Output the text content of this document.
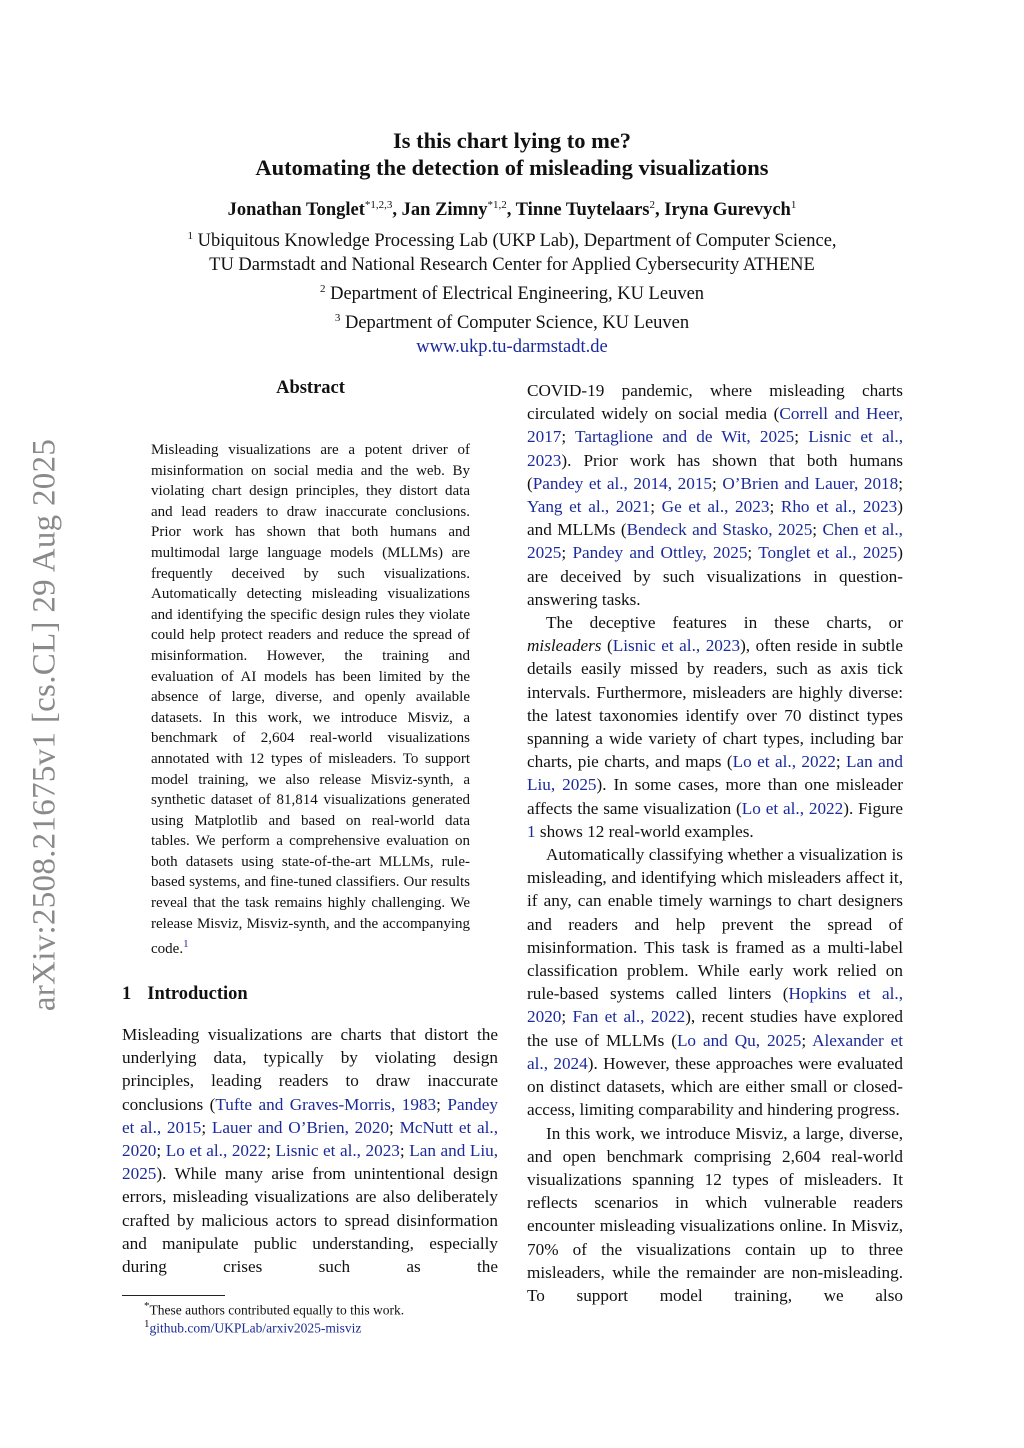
arXiv:2508.21675v1 [cs.CL] 29 Aug 2025
Is this chart lying to me?
Automating the detection of misleading visualizations
Jonathan Tonglet$^{*1,2,3}$, Jan Zimny$^{*1,2}$, Tinne Tuytelaars$^2$, Iryna Gurevych$^1$
$^1$ Ubiquitous Knowledge Processing Lab (UKP Lab), Department of Computer Science,
TU Darmstadt and National Research Center for Applied Cybersecurity ATHENE
$^2$ Department of Electrical Engineering, KU Leuven
$^3$ Department of Computer Science, KU Leuven
www.ukp.tu-darmstadt.de
Abstract

Misleading visualizations are a potent driver of misinformation on social media and the web. By violating chart design principles, they distort data and lead readers to draw inaccurate conclusions. Prior work has shown that both humans and multimodal large language models (MLLMs) are frequently deceived by such visualizations. Automatically detecting misleading visualizations and identifying the specific design rules they violate could help protect readers and reduce the spread of misinformation. However, the training and evaluation of AI models has been limited by the absence of large, diverse, and openly available datasets. In this work, we introduce Misviz, a benchmark of 2,604 real-world visualizations annotated with 12 types of misleaders. To support model training, we also release Misviz-synth, a synthetic dataset of 81,814 visualizations generated using Matplotlib and based on real-world data tables. We perform a comprehensive evaluation on both datasets using state-of-the-art MLLMs, rule-based systems, and fine-tuned classifiers. Our results reveal that the task remains highly challenging. We release Misviz, Misviz-synth, and the accompanying code.$^1$

1 Introduction

Misleading visualizations are charts that distort the underlying data, typically by violating design principles, leading readers to draw inaccurate conclusions (Tufte and Graves-Morris, 1983; Pandey et al., 2015; Lauer and O’Brien, 2020; McNutt et al., 2020; Lo et al., 2022; Lisnic et al., 2023; Lan and Liu, 2025). While many arise from unintentional design errors, misleading visualizations are also deliberately crafted by malicious actors to spread disinformation and manipulate public understanding, especially during crises such as the

COVID-19 pandemic, where misleading charts circulated widely on social media (Correll and Heer, 2017; Tartaglione and de Wit, 2025; Lisnic et al., 2023). Prior work has shown that both humans (Pandey et al., 2014, 2015; O’Brien and Lauer, 2018; Yang et al., 2021; Ge et al., 2023; Rho et al., 2023) and MLLMs (Bendeck and Stasko, 2025; Chen et al., 2025; Pandey and Ottley, 2025; Tonglet et al., 2025) are deceived by such visualizations in question-answering tasks.

The deceptive features in these charts, or misleaders (Lisnic et al., 2023), often reside in subtle details easily missed by readers, such as axis tick intervals. Furthermore, misleaders are highly diverse: the latest taxonomies identify over 70 distinct types spanning a wide variety of chart types, including bar charts, pie charts, and maps (Lo et al., 2022; Lan and Liu, 2025). In some cases, more than one misleader affects the same visualization (Lo et al., 2022). Figure 1 shows 12 real-world examples.

Automatically classifying whether a visualization is misleading, and identifying which misleaders affect it, if any, can enable timely warnings to chart designers and readers and help prevent the spread of misinformation. This task is framed as a multi-label classification problem. While early work relied on rule-based systems called linters (Hopkins et al., 2020; Fan et al., 2022), recent studies have explored the use of MLLMs (Lo and Qu, 2025; Alexander et al., 2024). However, these approaches were evaluated on distinct datasets, which are either small or closed-access, limiting comparability and hindering progress.

In this work, we introduce Misviz, a large, diverse, and open benchmark comprising 2,604 real-world visualizations spanning 12 types of misleaders. It reflects scenarios in which vulnerable readers encounter misleading visualizations online. In Misviz, 70% of the visualizations contain up to three misleaders, while the remainder are non-misleading. To support model training, we also

*These authors contributed equally to this work.
$^1$github.com/UKPLab/arxiv2025-misviz
